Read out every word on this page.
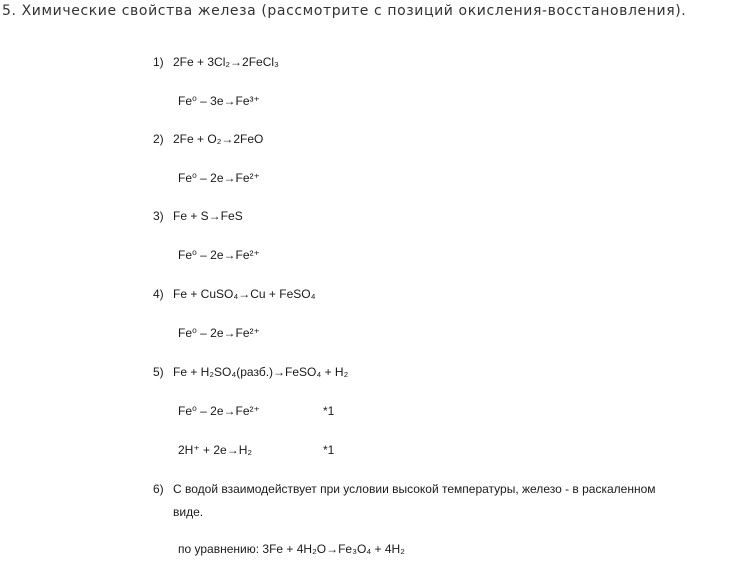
5. Химические свойства железа (рассмотрите с позиций окисления-восстановления).
1) 2Fe + 3Cl₂→2FeCl₃
Fe⁰ – 3e→Fe³⁺
2) 2Fe + O₂→2FeO
Fe⁰ – 2e→Fe²⁺
3) Fe + S→FeS
Fe⁰ – 2e→Fe²⁺
4) Fe + CuSO₄→Cu + FeSO₄
Fe⁰ – 2e→Fe²⁺
5) Fe + H₂SO₄(разб.)→FeSO₄ + H₂
Fe⁰ – 2e→Fe²⁺	*1
2H⁺ + 2e→H₂	*1
6) С водой взаимодействует при условии высокой температуры, железо - в раскаленном
виде.
по уравнению: 3Fe + 4H₂O→Fe₃O₄ + 4H₂
